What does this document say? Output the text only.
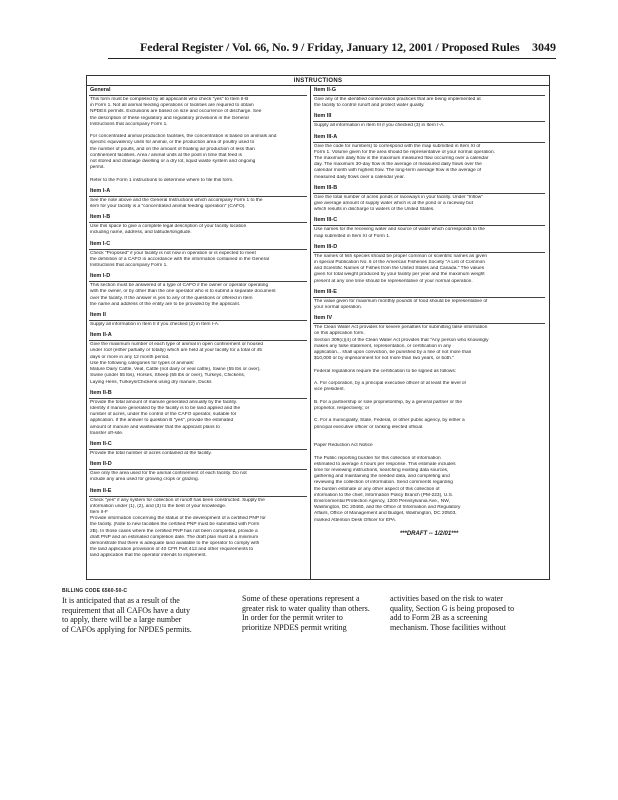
Federal Register / Vol. 66, No. 9 / Friday, January 12, 2001 / Proposed Rules 3049
INSTRUCTIONS
General
This form must be completed by all applicants who check "yes" to Item II-B
in Form 1. Not all animal feeding operations or facilities are required to obtain
NPDES permits. Exclusions are based on size and occurrence of discharge. See
the description of these regulatory and regulatory provisions in the General
Instructions that accompany Form 1.

For concentrated animal production facilities, the concentration is based on animals and
specific equivalency units for animal, or the production area of poultry used to
the number of poults, and on the amount of floating air production of less than
confinement facilities. Area / animal units at the point in time that feed is
not stored and drainage dwelling or a dry lot, liquid waste system and ongoing
permit.

Refer to the Form 1 instructions to determine where to file this form.
Item I-A
See the note above and the General Instructions which accompany Form 1 to the
item for your facility is a "concentrated animal feeding operation" (CAFO).
Item I-B
Use this space to give a complete legal description of your facility location
including name, address, and latitude/longitude.
Item I-C
Check "Proposed" if your facility is not now in operation or is expected to meet
the definition of a CAFO in accordance with the information contained in the General
Instructions that accompany Form 1.
Item I-D
This section must be answered of a type of CAFO if the owner or operator operating
with the owner, or by other than the one operator who is to submit a separate document
over the facility. If the answer is yes to any of the questions or offered in Item
the name and address of the entity are to be provided by the applicant.
Item II
Supply all information in Item II if you checked (2) in Item I-A.
Item II-A
Give the maximum number of each type of animal in open confinement or housed
under roof (either partially or totally) which are held at your facility for a total of 45
days or more in any 12 month period.
Use the following categories for types of animals:
Mature Dairy Cattle, Veal, Cattle (not dairy or veal cattle), Swine (55 lbs or over),
Swine (under 55 lbs), Horses, Sheep (55 lbs or over), Turkeys, Chickens,
Laying Hens, Turkeys/Chickens using dry manure, Ducks
Item II-B
Provide the total amount of manure generated annually by the facility.
Identify if manure generated by the facility is to be land applied and the
number of acres, under the control of the CAFO operator, suitable for
application. If the answer to question B "yes", provide the estimated
amount of manure and wastewater that the applicant plans to
transfer off-site.
Item II-C
Provide the total number of acres contained at the facility.
Item II-D
Give only the area used for the animal confinement of each facility. Do not
include any area used for growing crops or grazing.
Item II-E
Check "yes" if any system for collection of runoff has been constructed. Supply the
information under (1), (2), and (3) to the best of your knowledge.
Item II-F
Provide information concerning the status of the development of a certified PNP for
the facility. (Note to new facilities the certified PNP must be submitted with Form
2B). In those cases where the certified PNP has not been completed, provide a
draft PNP and an estimated completion date. The draft plan must at a minimum
demonstrate that there is adequate land available to the operator to comply with
the land application provisions of 40 CFR Part 412 and other requirements to
land application that the operator intends to implement.
Item II-G
Give any of the identified conservation practices that are being implemented at
the facility to control runoff and protect water quality.
Item III
Supply all information in Item III if you checked (3) in Item I-A.
Item III-A
Give the code for numbers) to correspond with the map submitted in Item XI of
Form 1. Volume given for the area should be representative of your normal operation.
The maximum daily flow is the maximum measured flow occurring over a calendar
day. The maximum 30-day flow is the average of measured daily flows over the
calendar month with highest flow. The long-term average flow is the average of
measured daily flows over a calendar year.
Item III-B
Give the total number of acres ponds or raceways in your facility. Under "Inflow"
give average amount of supply water which is at the pond or a raceway but
which results in discharge to waters of the United States.
Item III-C
Use names for the receiving water and source of water which corresponds to the
map submitted in Item XI of Form 1.
Item III-D
The names of fish species should be proper common or scientific names as given
in special Publication No. 6 of the American Fisheries Society "A List of Common
and Scientific Names of Fishes from the United States and Canada." The values
given for total weight produced by your facility per year and the maximum weight
present at any one time should be representative of your normal operation.
Item III-E
The value given for maximum monthly pounds of food should be representative of
your normal operation.
Item IV
The Clean Water Act provides for severe penalties for submitting false information
on this application form.
Section 309(c)(4) of the Clean Water Act provides that "Any person who knowingly
makes any false statement, representation, or certification in any
application... shall upon conviction, be punished by a fine of not more than
$10,000 or by imprisonment for not more than two years, or both."

Federal regulations require the certification to be signed as follows:

A. For corporation, by a principal executive officer of at least the level of
vice president.

B. For a partnership or sole proprietorship, by a general partner or the
proprietor, respectively; or

C. For a municipality, State, Federal, or other public agency, by either a
principal executive officer or ranking elected official.

Paper Reduction Act Notice

The Public reporting burden for this collection of information
estimated to average 4 hours per response. This estimate includes
time for reviewing instructions, searching existing data sources,
gathering and maintaining the needed data, and completing and
reviewing the collection of information. Send comments regarding
the burden estimate or any other aspect of this collection of
information to the chief, Information Policy Branch (PM-223), U.S.
Environmental Protection Agency, 1200 Pennsylvania Ave., NW,
Washington, DC 20460, and the Office of Information and Regulatory
Affairs, Office of Management and Budget, Washington, DC 20503,
marked Attention Desk Officer for EPA.
***DRAFT -- 1/2/01***
BILLING CODE 6560-50-C
It is anticipated that as a result of the
requirement that all CAFOs have a duty
to apply, there will be a large number
of CAFOs applying for NPDES permits.
Some of these operations represent a
greater risk to water quality than others.
In order for the permit writer to
prioritize NPDES permit writing
activities based on the risk to water
quality, Section G is being proposed to
add to Form 2B as a screening
mechanism. Those facilities without
